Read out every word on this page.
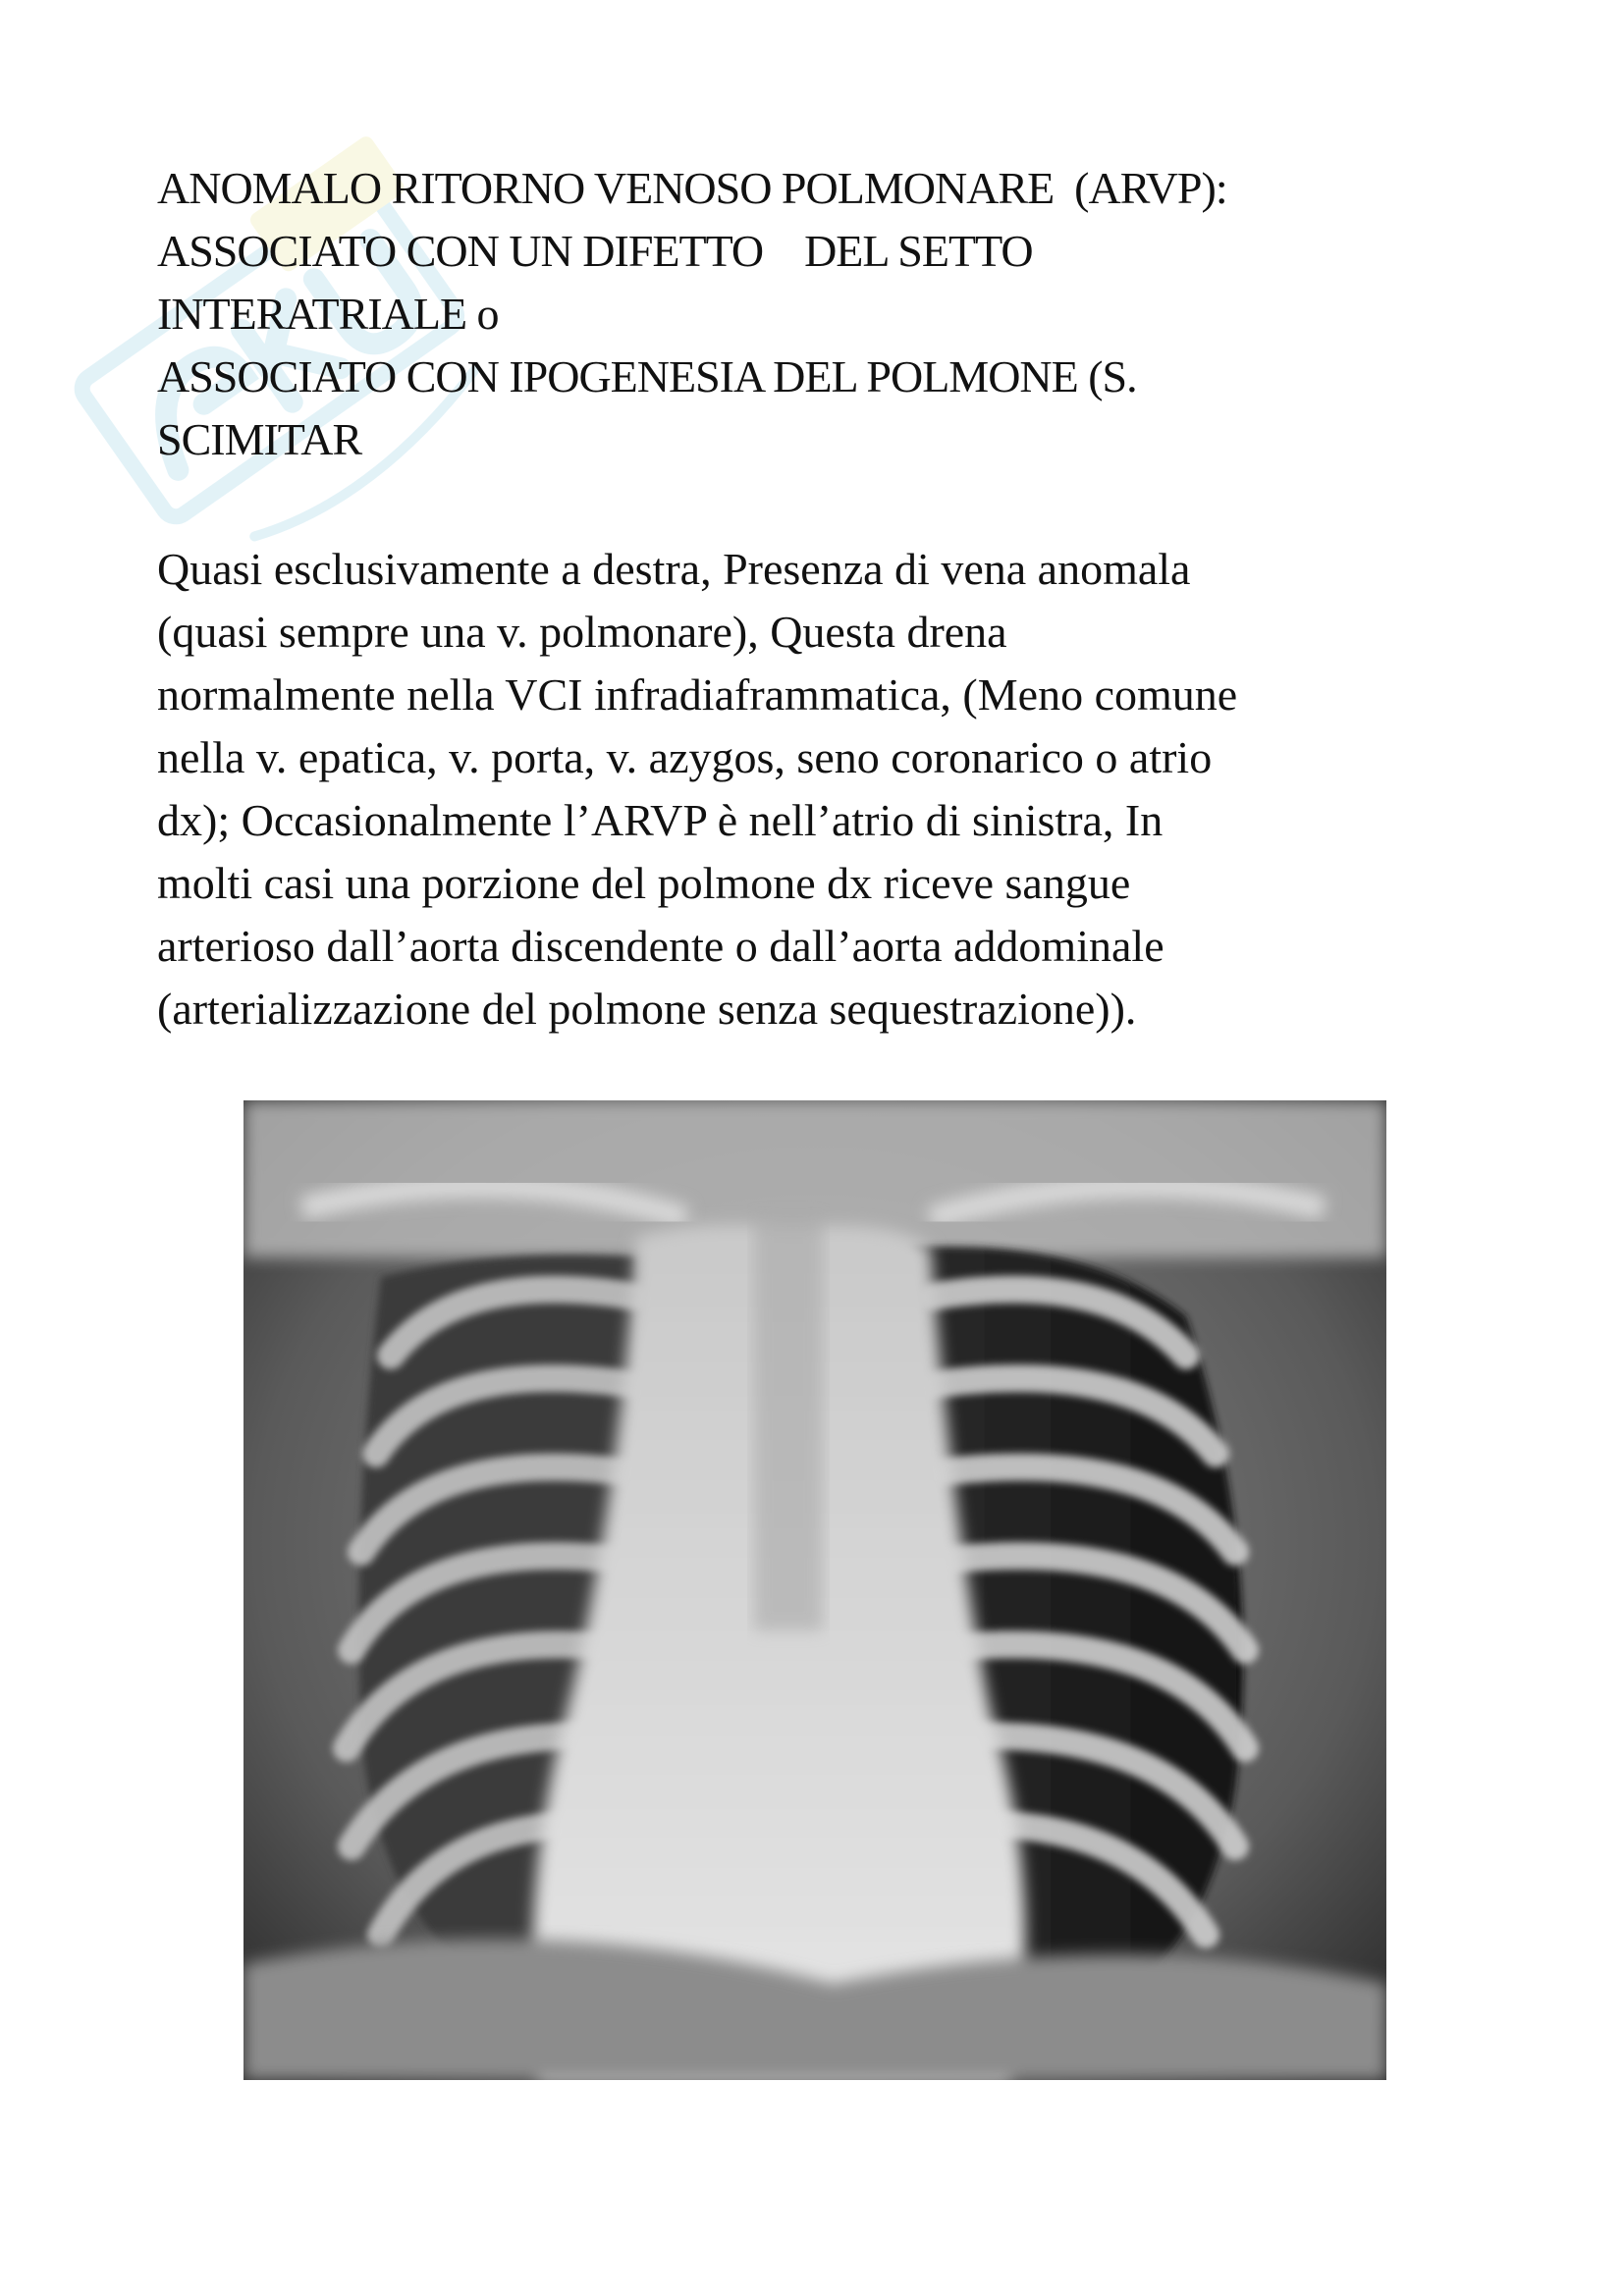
ANOMALO RITORNO VENOSO POLMONARE  (ARVP):
ASSOCIATO CON UN DIFETTO    DEL SETTO
INTERATRIALE o
ASSOCIATO CON IPOGENESIA DEL POLMONE (S.
SCIMITAR
Quasi esclusivamente a destra, Presenza di vena anomala
(quasi sempre una v. polmonare), Questa drena
normalmente nella VCI infradiaframmatica, (Meno comune
nella v. epatica, v. porta, v. azygos, seno coronarico o atrio
dx); Occasionalmente l’ARVP è nell’atrio di sinistra, In
molti casi una porzione del polmone dx riceve sangue
arterioso dall’aorta discendente o dall’aorta addominale
(arterializzazione del polmone senza sequestrazione)).
